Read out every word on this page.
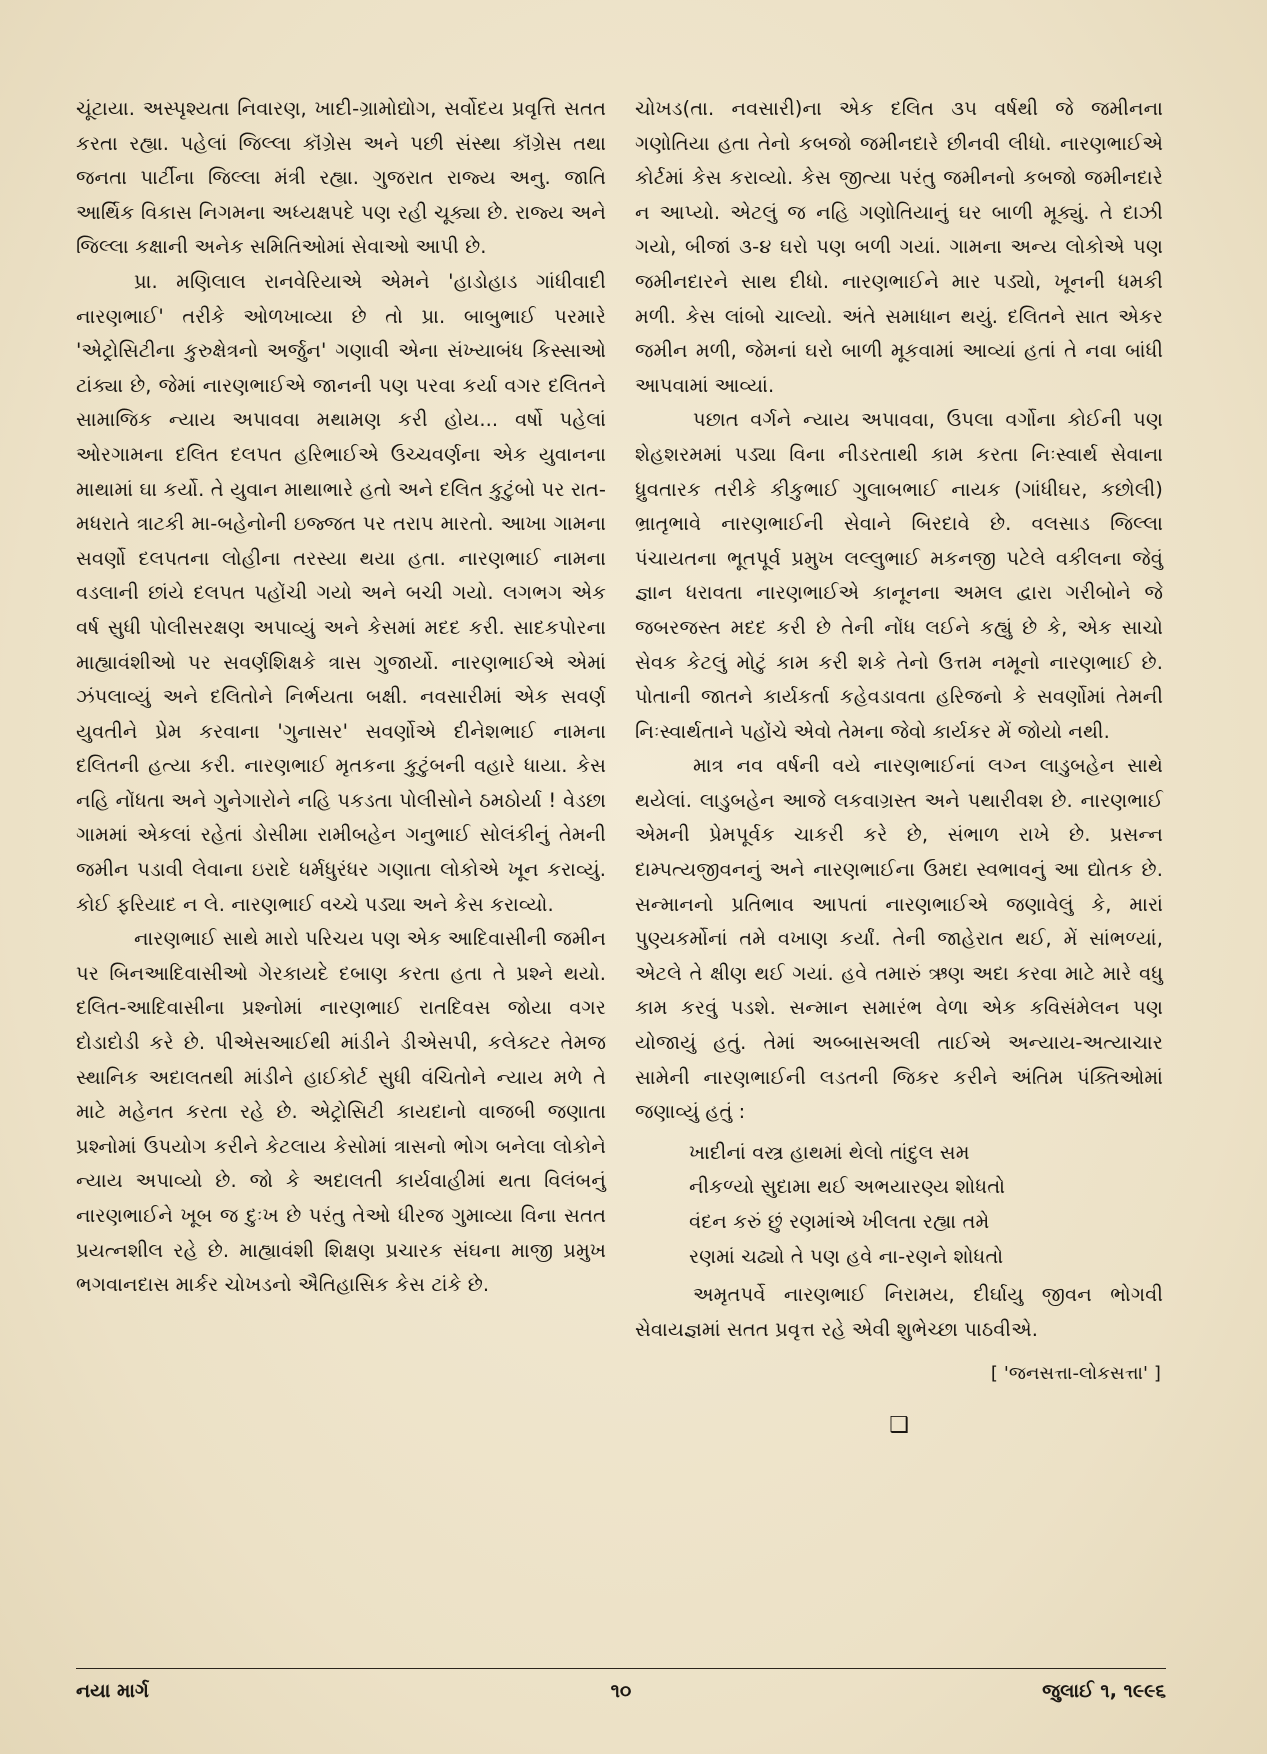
ચૂંટાયા. અસ્પૃશ્યતા નિવારણ, ખાદી-ગ્રામોદ્યોગ, સર્વોદય પ્રવૃત્તિ સતત કરતા રહ્યા. પહેલાં જિલ્લા કૉંગ્રેસ અને પછી સંસ્થા કૉંગ્રેસ તથા જનતા પાર્ટીના જિલ્લા મંત્રી રહ્યા. ગુજરાત રાજ્ય અનુ. જાતિ આર્થિક વિકાસ નિગમના અધ્યક્ષપદે પણ રહી ચૂક્યા છે. રાજ્ય અને જિલ્લા કક્ષાની અનેક સમિતિઓમાં સેવાઓ આપી છે.

પ્રા. મણિલાલ રાનવેરિયાએ એમને 'હાડોહાડ ગાંધીવાદી નારણભાઈ' તરીકે ઓળખાવ્યા છે તો પ્રા. બાબુભાઈ પરમારે 'એટ્રોસિટીના કુરુક્ષેત્રનો અર્જુન' ગણાવી એના સંખ્યાબંધ કિસ્સાઓ ટાંક્યા છે, જેમાં નારણભાઈએ જાનની પણ પરવા કર્યા વગર દલિતને સામાજિક ન્યાય અપાવવા મથામણ કરી હોય... વર્ષો પહેલાં ઓરગામના દલિત દલપત હરિભાઈએ ઉચ્ચવર્ણના એક યુવાનના માથામાં ઘા કર્યો. તે યુવાન માથાભારે હતો અને દલિત કુટુંબો પર રાત-મધરાતે ત્રાટકી મા-બહેનોની ઇજ્જત પર તરાપ મારતો. આખા ગામના સવર્ણો દલપતના લોહીના તરસ્યા થયા હતા. નારણભાઈ નામના વડલાની છાંયે દલપત પહોંચી ગયો અને બચી ગયો. લગભગ એક વર્ષ સુધી પોલીસરક્ષણ અપાવ્યું અને કેસમાં મદદ કરી. સાદકપોરના માહ્યાવંશીઓ પર સવર્ણશિક્ષકે ત્રાસ ગુજાર્યો. નારણભાઈએ એમાં ઝંપલાવ્યું અને દલિતોને નિર્ભયતા બક્ષી. નવસારીમાં એક સવર્ણ યુવતીને પ્રેમ કરવાના 'ગુનાસર' સવર્ણોએ દીનેશભાઈ નામના દલિતની હત્યા કરી. નારણભાઈ મૃતકના કુટુંબની વહારે ધાયા. કેસ નહિ નોંધતા અને ગુનેગારોને નહિ પકડતા પોલીસોને ઠમઠોર્યા ! વેડછા ગામમાં એકલાં રહેતાં ડોસીમા રામીબહેન ગનુભાઈ સોલંકીનું તેમની જમીન પડાવી લેવાના ઇરાદે ધર્મધુરંધર ગણાતા લોકોએ ખૂન કરાવ્યું. કોઈ ફરિયાદ ન લે. નારણભાઈ વચ્ચે પડ્યા અને કેસ કરાવ્યો.

નારણભાઈ સાથે મારો પરિચય પણ એક આદિવાસીની જમીન પર બિનઆદિવાસીઓ ગેરકાયદે દબાણ કરતા હતા તે પ્રશ્ને થયો. દલિત-આદિવાસીના પ્રશ્નોમાં નારણભાઈ રાતદિવસ જોયા વગર દોડાદોડી કરે છે. પીએસઆઈથી માંડીને ડીએસપી, કલેક્ટર તેમજ સ્થાનિક અદાલતથી માંડીને હાઈકોર્ટ સુધી વંચિતોને ન્યાય મળે તે માટે મહેનત કરતા રહે છે. એટ્રોસિટી કાયદાનો વાજબી જણાતા પ્રશ્નોમાં ઉપયોગ કરીને કેટલાય કેસોમાં ત્રાસનો ભોગ બનેલા લોકોને ન્યાય અપાવ્યો છે. જો કે અદાલતી કાર્યવાહીમાં થતા વિલંબનું નારણભાઈને ખૂબ જ દુઃખ છે પરંતુ તેઓ ધીરજ ગુમાવ્યા વિના સતત પ્રયત્નશીલ રહે છે. માહ્યાવંશી શિક્ષણ પ્રચારક સંઘના માજી પ્રમુખ ભગવાનદાસ માર્કર ચોખડનો ઐતિહાસિક કેસ ટાંકે છે.

ચોખડ(તા. નવસારી)ના એક દલિત ૩૫ વર્ષથી જે જમીનના ગણોતિયા હતા તેનો કબજો જમીનદારે છીનવી લીધો. નારણભાઈએ કોર્ટમાં કેસ કરાવ્યો. કેસ જીત્યા પરંતુ જમીનનો કબજો જમીનદારે ન આપ્યો. એટલું જ નહિ ગણોતિયાનું ઘર બાળી મૂક્યું. તે દાઝી ગયો, બીજાં ૩-૪ ઘરો પણ બળી ગયાં. ગામના અન્ય લોકોએ પણ જમીનદારને સાથ દીધો. નારણભાઈને માર પડ્યો, ખૂનની ધમકી મળી. કેસ લાંબો ચાલ્યો. અંતે સમાધાન થયું. દલિતને સાત એકર જમીન મળી, જેમનાં ઘરો બાળી મૂકવામાં આવ્યાં હતાં તે નવા બાંધી આપવામાં આવ્યાં.

પછાત વર્ગને ન્યાય અપાવવા, ઉપલા વર્ગોના કોઈની પણ શેહશરમમાં પડ્યા વિના નીડરતાથી કામ કરતા નિઃસ્વાર્થ સેવાના ધ્રુવતારક તરીકે કીકુભાઈ ગુલાબભાઈ નાયક (ગાંધીઘર, કછોલી) ભ્રાતૃભાવે નારણભાઈની સેવાને બિરદાવે છે. વલસાડ જિલ્લા પંચાયતના ભૂતપૂર્વ પ્રમુખ લલ્લુભાઈ મકનજી પટેલે વકીલના જેવું જ્ઞાન ધરાવતા નારણભાઈએ કાનૂનના અમલ દ્વારા ગરીબોને જે જબરજસ્ત મદદ કરી છે તેની નોંધ લઈને કહ્યું છે કે, એક સાચો સેવક કેટલું મોટું કામ કરી શકે તેનો ઉત્તમ નમૂનો નારણભાઈ છે. પોતાની જાતને કાર્યકર્તા કહેવડાવતા હરિજનો કે સવર્ણોમાં તેમની નિઃસ્વાર્થતાને પહોંચે એવો તેમના જેવો કાર્યકર મેં જોયો નથી.

માત્ર નવ વર્ષની વયે નારણભાઈનાં લગ્ન લાડુબહેન સાથે થયેલાં. લાડુબહેન આજે લકવાગ્રસ્ત અને પથારીવશ છે. નારણભાઈ એમની પ્રેમપૂર્વક ચાકરી કરે છે, સંભાળ રાખે છે. પ્રસન્ન દામ્પત્યજીવનનું અને નારણભાઈના ઉમદા સ્વભાવનું આ દ્યોતક છે. સન્માનનો પ્રતિભાવ આપતાં નારણભાઈએ જણાવેલું કે, મારાં પુણ્યકર્મોનાં તમે વખાણ કર્યાં. તેની જાહેરાત થઈ, મેં સાંભળ્યાં, એટલે તે ક્ષીણ થઈ ગયાં. હવે તમારું ઋણ અદા કરવા માટે મારે વધુ કામ કરવું પડશે. સન્માન સમારંભ વેળા એક કવિસંમેલન પણ યોજાયું હતું. તેમાં અબ્બાસઅલી તાઈએ અન્યાય-અત્યાચાર સામેની નારણભાઈની લડતની જિકર કરીને અંતિમ પંક્તિઓમાં જણાવ્યું હતું :

ખાદીનાં વસ્ત્ર હાથમાં થેલો તાંદુલ સમ
નીકળ્યો સુદામા થઈ અભયારણ્ય શોધતો
વંદન કરું છું રણમાંએ ખીલતા રહ્યા તમે
રણમાં ચઢ્યો તે પણ હવે ના-રણને શોધતો

અમૃતપર્વે નારણભાઈ નિરામય, દીર્ઘાયુ જીવન ભોગવી સેવાયજ્ઞમાં સતત પ્રવૃત્ત રહે એવી શુભેચ્છા પાઠવીએ.

[ 'જનસત્તા-લોકસત્તા' ]
❑
નયા માર્ગ	૧૦	જુલાઈ ૧, ૧૯૯૬
